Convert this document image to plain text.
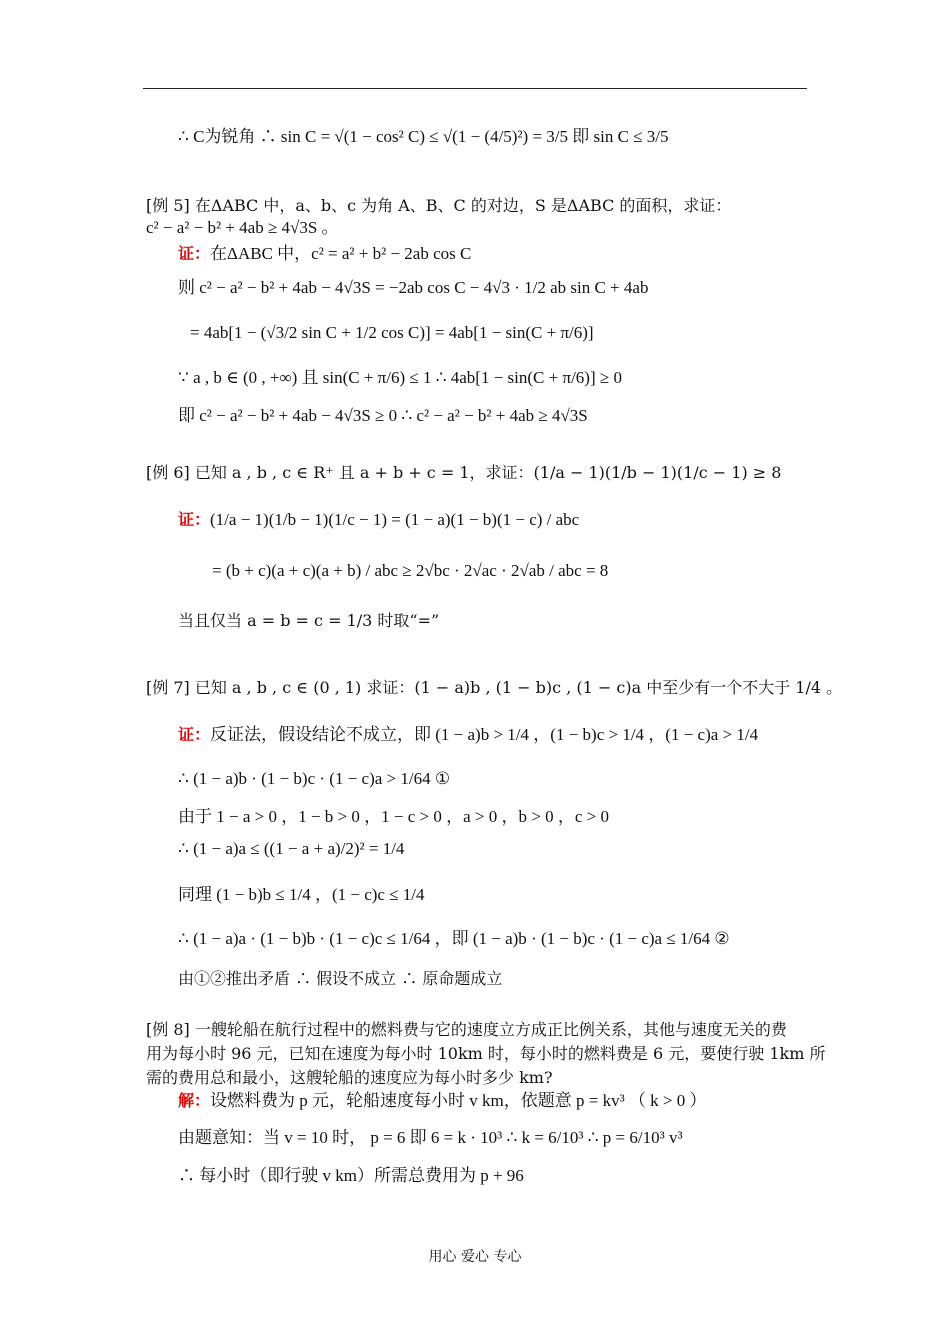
∴ C为锐角 ∴ sin C = √(1 − cos² C) ≤ √(1 − (4/5)²) = 3/5 即 sin C ≤ 3/5
[例 5] 在ΔABC 中，a、b、c 为角 A、B、C 的对边，S 是ΔABC 的面积，求证：
c² − a² − b² + 4ab ≥ 4√3S 。
证： 在ΔABC 中，c² = a² + b² − 2ab cos C
则 c² − a² − b² + 4ab − 4√3S = −2ab cos C − 4√3 · 1/2 ab sin C + 4ab
= 4ab[1 − (√3/2 sin C + 1/2 cos C)] = 4ab[1 − sin(C + π/6)]
∵ a , b ∈ (0 , +∞) 且 sin(C + π/6) ≤ 1 ∴ 4ab[1 − sin(C + π/6)] ≥ 0
即 c² − a² − b² + 4ab − 4√3S ≥ 0 ∴ c² − a² − b² + 4ab ≥ 4√3S
[例 6] 已知 a , b , c ∈ R⁺ 且 a + b + c = 1，求证：(1/a − 1)(1/b − 1)(1/c − 1) ≥ 8
证： (1/a − 1)(1/b − 1)(1/c − 1) = (1 − a)(1 − b)(1 − c) / abc
= (b + c)(a + c)(a + b) / abc ≥ 2√bc · 2√ac · 2√ab / abc = 8
当且仅当 a = b = c = 1/3 时取“=”
[例 7] 已知 a , b , c ∈ (0 , 1) 求证：(1 − a)b , (1 − b)c , (1 − c)a 中至少有一个不大于 1/4 。
证： 反证法，假设结论不成立，即 (1 − a)b > 1/4 ，(1 − b)c > 1/4 ，(1 − c)a > 1/4
∴ (1 − a)b · (1 − b)c · (1 − c)a > 1/64 ①
由于 1 − a > 0 ，1 − b > 0 ，1 − c > 0 ，a > 0 ，b > 0 ，c > 0
∴ (1 − a)a ≤ ((1 − a + a)/2)² = 1/4
同理 (1 − b)b ≤ 1/4 ，(1 − c)c ≤ 1/4
∴ (1 − a)a · (1 − b)b · (1 − c)c ≤ 1/64 ，即 (1 − a)b · (1 − b)c · (1 − c)a ≤ 1/64 ②
由①②推出矛盾 ∴ 假设不成立 ∴ 原命题成立
[例 8] 一艘轮船在航行过程中的燃料费与它的速度立方成正比例关系，其他与速度无关的费
用为每小时 96 元，已知在速度为每小时 10km 时，每小时的燃料费是 6 元，要使行驶 1km 所
需的费用总和最小，这艘轮船的速度应为每小时多少 km?
解： 设燃料费为 p 元，轮船速度每小时 v km，依题意 p = kv³ （ k > 0 ）
由题意知：当 v = 10 时， p = 6 即 6 = k · 10³ ∴ k = 6/10³ ∴ p = 6/10³ v³
∴ 每小时（即行驶 v km）所需总费用为 p + 96
用心 爱心 专心
